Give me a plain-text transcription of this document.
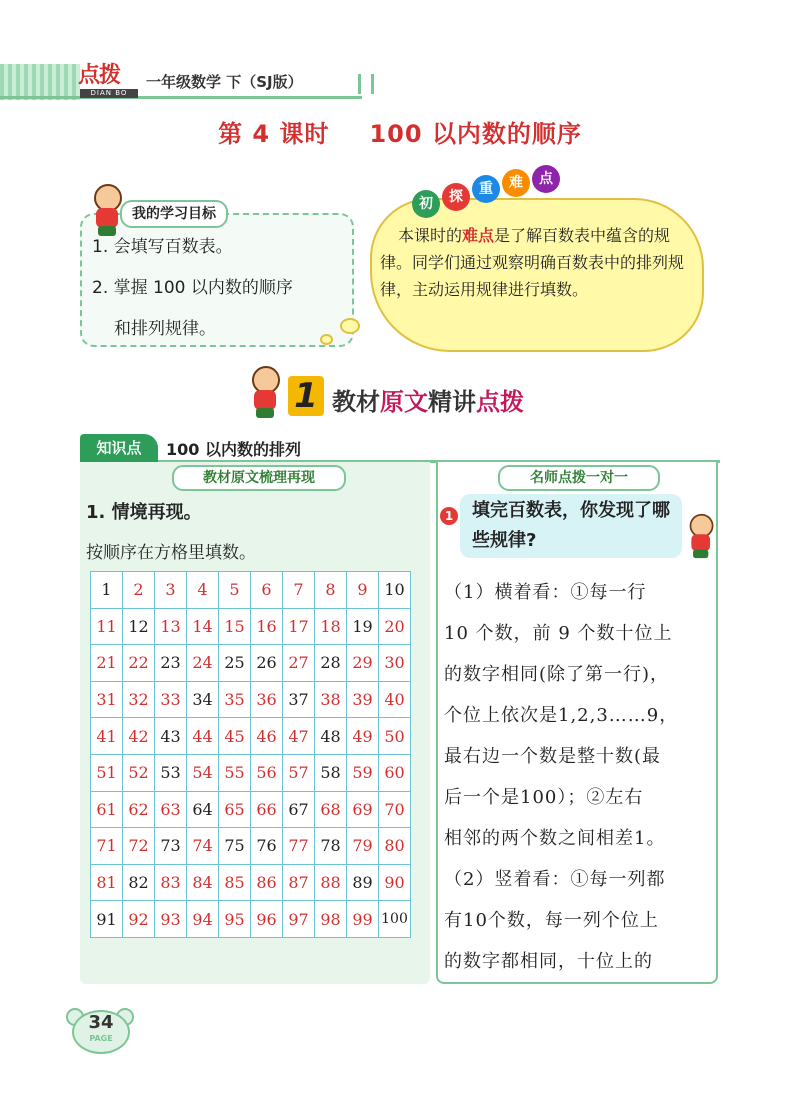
点拨
DIAN BO
一年级数学 下（SJ版）
第 4 课时 100 以内数的顺序
我的学习目标
1. 会填写百数表。
2. 掌握 100 以内数的顺序
和排列规律。
初	探	重	难	点
本课时的难点是了解百数表中蕴含的规律。同学们通过观察明确百数表中的排列规律，主动运用规律进行填数。
1 教材原文精讲点拨
知识点	100 以内数的排列
教材原文梳理再现
1. 情境再现。
按顺序在方格里填数。
1	2	3	4	5	6	7	8	9	10
11	12	13	14	15	16	17	18	19	20
21	22	23	24	25	26	27	28	29	30
31	32	33	34	35	36	37	38	39	40
41	42	43	44	45	46	47	48	49	50
51	52	53	54	55	56	57	58	59	60
61	62	63	64	65	66	67	68	69	70
71	72	73	74	75	76	77	78	79	80
81	82	83	84	85	86	87	88	89	90
91	92	93	94	95	96	97	98	99	100
名师点拨一对一
1	填完百数表，你发现了哪些规律?
（1）横着看：①每一行
10 个数，前 9 个数十位上
的数字相同(除了第一行)，
个位上依次是1,2,3……9，
最右边一个数是整十数(最
后一个是100）；②左右
相邻的两个数之间相差1。
（2）竖着看：①每一列都
有10个数，每一列个位上
的数字都相同，十位上的
34
PAGE
